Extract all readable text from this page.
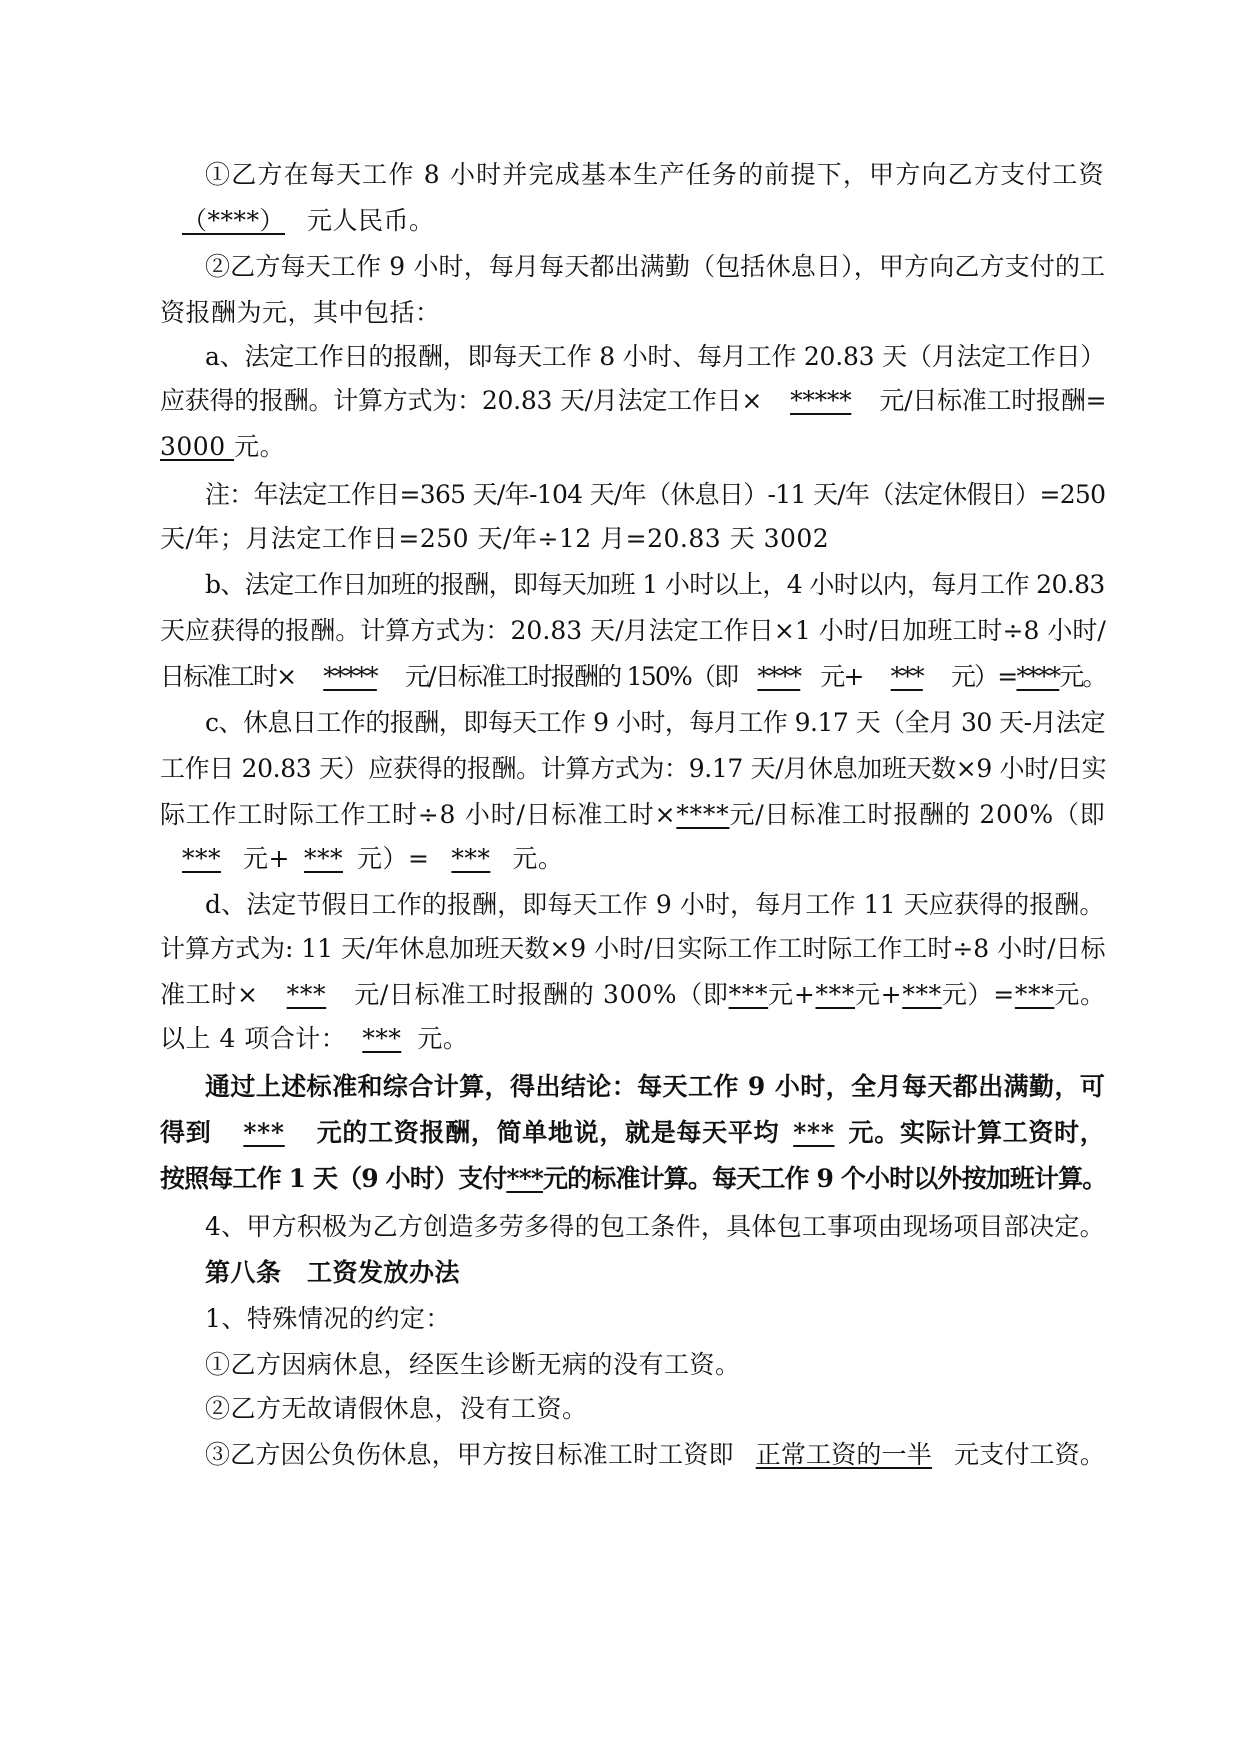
①乙方在每天工作 8 小时并完成基本生产任务的前提下，甲方向乙方支付工资
（****） 元人民币。
②乙方每天工作 9 小时，每月每天都出满勤（包括休息日），甲方向乙方支付的工
资报酬为元，其中包括：
a、法定工作日的报酬，即每天工作 8 小时、每月工作 20.83 天（月法定工作日）
应获得的报酬。计算方式为：20.83 天/月法定工作日× ***** 元/日标准工时报酬=
3000 元。
注：年法定工作日=365 天/年-104 天/年（休息日）-11 天/年（法定休假日）=250
天/年；月法定工作日=250 天/年÷12 月=20.83 天 3002
b、法定工作日加班的报酬，即每天加班 1 小时以上，4 小时以内，每月工作 20.83
天应获得的报酬。计算方式为：20.83 天/月法定工作日×1 小时/日加班工时÷8 小时/
日标准工时× ***** 元/日标准工时报酬的 150%（即 **** 元+ *** 元）=****元。
c、休息日工作的报酬，即每天工作 9 小时，每月工作 9.17 天（全月 30 天-月法定
工作日 20.83 天）应获得的报酬。计算方式为：9.17 天/月休息加班天数×9 小时/日实
际工作工时际工作工时÷8 小时/日标准工时×****元/日标准工时报酬的 200%（即
*** 元+ *** 元）= *** 元。
d、法定节假日工作的报酬，即每天工作 9 小时，每月工作 11 天应获得的报酬。
计算方式为: 11 天/年休息加班天数×9 小时/日实际工作工时际工作工时÷8 小时/日标
准工时× *** 元/日标准工时报酬的 300%（即***元+***元+***元）=***元。
以上 4 项合计： *** 元。
通过上述标准和综合计算，得出结论：每天工作 9 小时，全月每天都出满勤，可
得到 *** 元的工资报酬，简单地说，就是每天平均 *** 元。实际计算工资时，
按照每工作 1 天（9 小时）支付***元的标准计算。每天工作 9 个小时以外按加班计算。
4、甲方积极为乙方创造多劳多得的包工条件，具体包工事项由现场项目部决定。
第八条　工资发放办法
1、特殊情况的约定：
①乙方因病休息，经医生诊断无病的没有工资。
②乙方无故请假休息，没有工资。
③乙方因公负伤休息，甲方按日标准工时工资即 正常工资的一半 元支付工资。
